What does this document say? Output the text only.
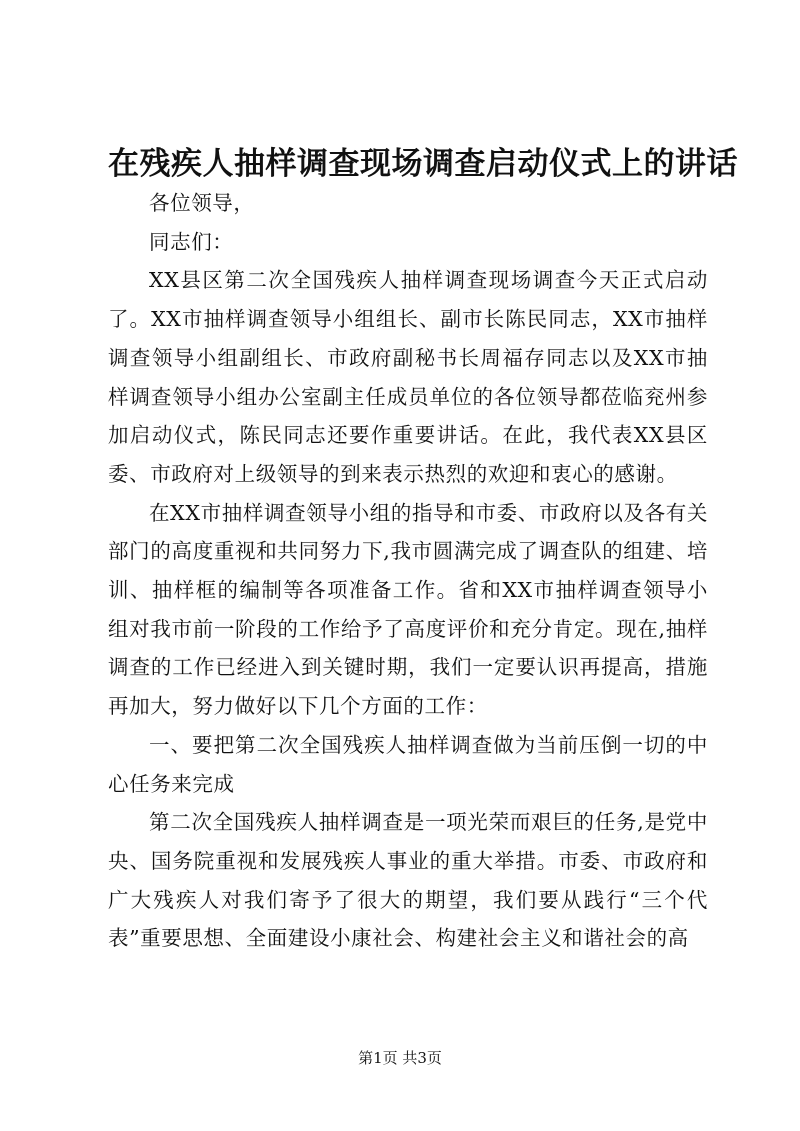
在残疾人抽样调查现场调查启动仪式上的讲话

各位领导，

同志们：

XX县区第二次全国残疾人抽样调查现场调查今天正式启动了。XX市抽样调查领导小组组长、副市长陈民同志，XX市抽样调查领导小组副组长、市政府副秘书长周福存同志以及XX市抽样调查领导小组办公室副主任成员单位的各位领导都莅临兖州参加启动仪式，陈民同志还要作重要讲话。在此，我代表XX县区委、市政府对上级领导的到来表示热烈的欢迎和衷心的感谢。

在XX市抽样调查领导小组的指导和市委、市政府以及各有关部门的高度重视和共同努力下,我市圆满完成了调查队的组建、培训、抽样框的编制等各项准备工作。省和XX市抽样调查领导小组对我市前一阶段的工作给予了高度评价和充分肯定。现在,抽样调查的工作已经进入到关键时期，我们一定要认识再提高，措施再加大，努力做好以下几个方面的工作：

一、要把第二次全国残疾人抽样调查做为当前压倒一切的中心任务来完成

第二次全国残疾人抽样调查是一项光荣而艰巨的任务,是党中央、国务院重视和发展残疾人事业的重大举措。市委、市政府和广大残疾人对我们寄予了很大的期望，我们要从践行“三个代表”重要思想、全面建设小康社会、构建社会主义和谐社会的高

第1页 共3页
